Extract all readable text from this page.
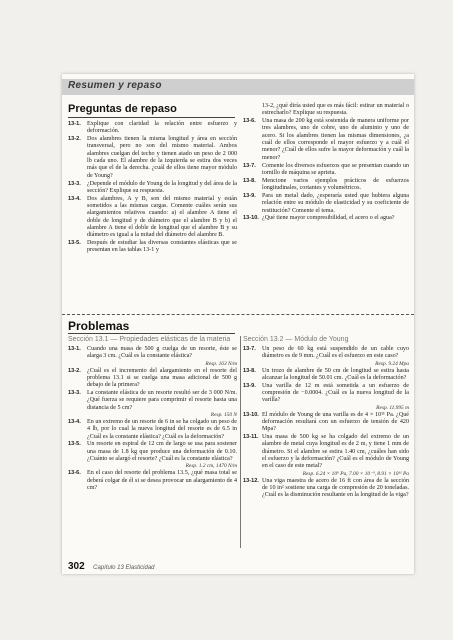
Resumen y repaso
Preguntas de repaso
13-1. Explique con claridad la relación entre esfuerzo y deformación.
13-2. Dos alambres tienen la misma longitud y área en sección transversal, pero no son del mismo material. Ambos alambres cuelgan del techo y tienen atado un peso de 2 000 lb cada uno. El alambre de la izquierda se estira dos veces más que el de la derecha. ¿cuál de ellos tiene mayor módulo de Young?
13-3. ¿Depende el módulo de Young de la longitud y del área de la sección? Explique su respuesta.
13-4. Dos alambres, A y B, son del mismo material y están sometidos a las mismas cargas. Comente cuáles serán sus alargamientos relativos cuando: a) el alambre A tiene el doble de longitud y de diámetro que el alambre B y b) el alambre A tiene el doble de longitud que el alambre B y su diámetro es igual a la mitad del diámetro del alambre B.
13-5. Después de estudiar las diversas constantes elásticas que se presentan en las tablas 13-1 y
13-2, ¿qué diría usted que es más fácil: estirar un material o estrecharlo? Explique su respuesta.
13-6. Una masa de 200 kg está sostenida de manera uniforme por tres alambres, uno de cobre, uno de aluminio y uno de acero. Si los alambres tienen las mismas dimensiones, ¿a cuál de ellos corresponde el mayor esfuerzo y a cuál el menor? ¿Cuál de ellos sufre la mayor deformación y cuál la menor?
13-7. Comente los diversos esfuerzos que se presentan cuando un tornillo de máquina se aprieta.
13-8. Mencione varios ejemplos prácticos de esfuerzos longitudinales, cortantes y volumétricos.
13-9. Para un metal dado, ¿esperaría usted que hubiera alguna relación entre su módulo de elasticidad y su coeficiente de restitución? Comente el tema.
13-10. ¿Qué tiene mayor compresibilidad, el acero o el agua?
Problemas
Sección 13.1 — Propiedades elásticas de la materia
13-1. Cuando una masa de 500 g cuelga de un resorte, éste se alarga 3 cm. ¿Cuál es la constante elástica?
Resp. 163 N/m
13-2. ¿Cuál es el incremento del alargamiento en el resorte del problema 13.1 si se cuelga una masa adicional de 500 g debajo de la primera?
13-3. La constante elástica de un resorte resultó ser de 3 000 N/m. ¿Qué fuerza se requiere para comprimir el resorte hasta una distancia de 5 cm?
Resp. 150 N
13-4. En un extremo de un resorte de 6 in se ha colgado un peso de 4 lb, por lo cual la nueva longitud del resorte es de 6.5 in ¿Cuál es la constante elástica? ¿Cuál es la deformación?
13-5. Un resorte en espiral de 12 cm de largo se usa para sostener una masa de 1.8 kg que produce una deformación de 0.10. ¿Cuánto se alargó el resorte? ¿Cuál es la constante elástica?
Resp. 1.2 cm, 1470 N/m
13-6. En el caso del resorte del problema 13.5, ¿qué masa total se deberá colgar de él si se desea provocar un alargamiento de 4 cm?
Sección 13.2 — Módulo de Young
13-7. Un peso de 60 kg está suspendido de un cable cuyo diámetro es de 9 mm. ¿Cuál es el esfuerzo en este caso?
Resp. 9.24 Mpa
13-8. Un trozo de alambre de 50 cm de longitud se estira hasta alcanzar la longitud de 50.01 cm. ¿Cuál es la deformación?
13-9. Una varilla de 12 m está sometida a un esfuerzo de compresión de −0.0004. ¿Cuál es la nueva longitud de la varilla?
Resp. 11.995 m
13-10. El módulo de Young de una varilla es de 4 × 10¹¹ Pa. ¿Qué deformación resultará con un esfuerzo de tensión de 420 Mpa?
13-11. Una masa de 500 kg se ha colgado del extremo de un alambre de metal cuya longitud es de 2 m, y tiene 1 mm de diámetro. Si el alambre se estira 1.40 cm, ¿cuáles han sido el esfuerzo y la deformación? ¿Cuál es el módulo de Young en el caso de este metal?
Resp. 6.24 × 10⁹ Pa, 7.00 × 10⁻³, 8.91 × 10¹¹ Pa
13-12. Una viga maestra de acero de 16 ft con área de la sección de 10 in² sostiene una carga de compresión de 20 toneladas. ¿Cuál es la disminución resultante en la longitud de la viga?
302 Capítulo 13 Elasticidad
